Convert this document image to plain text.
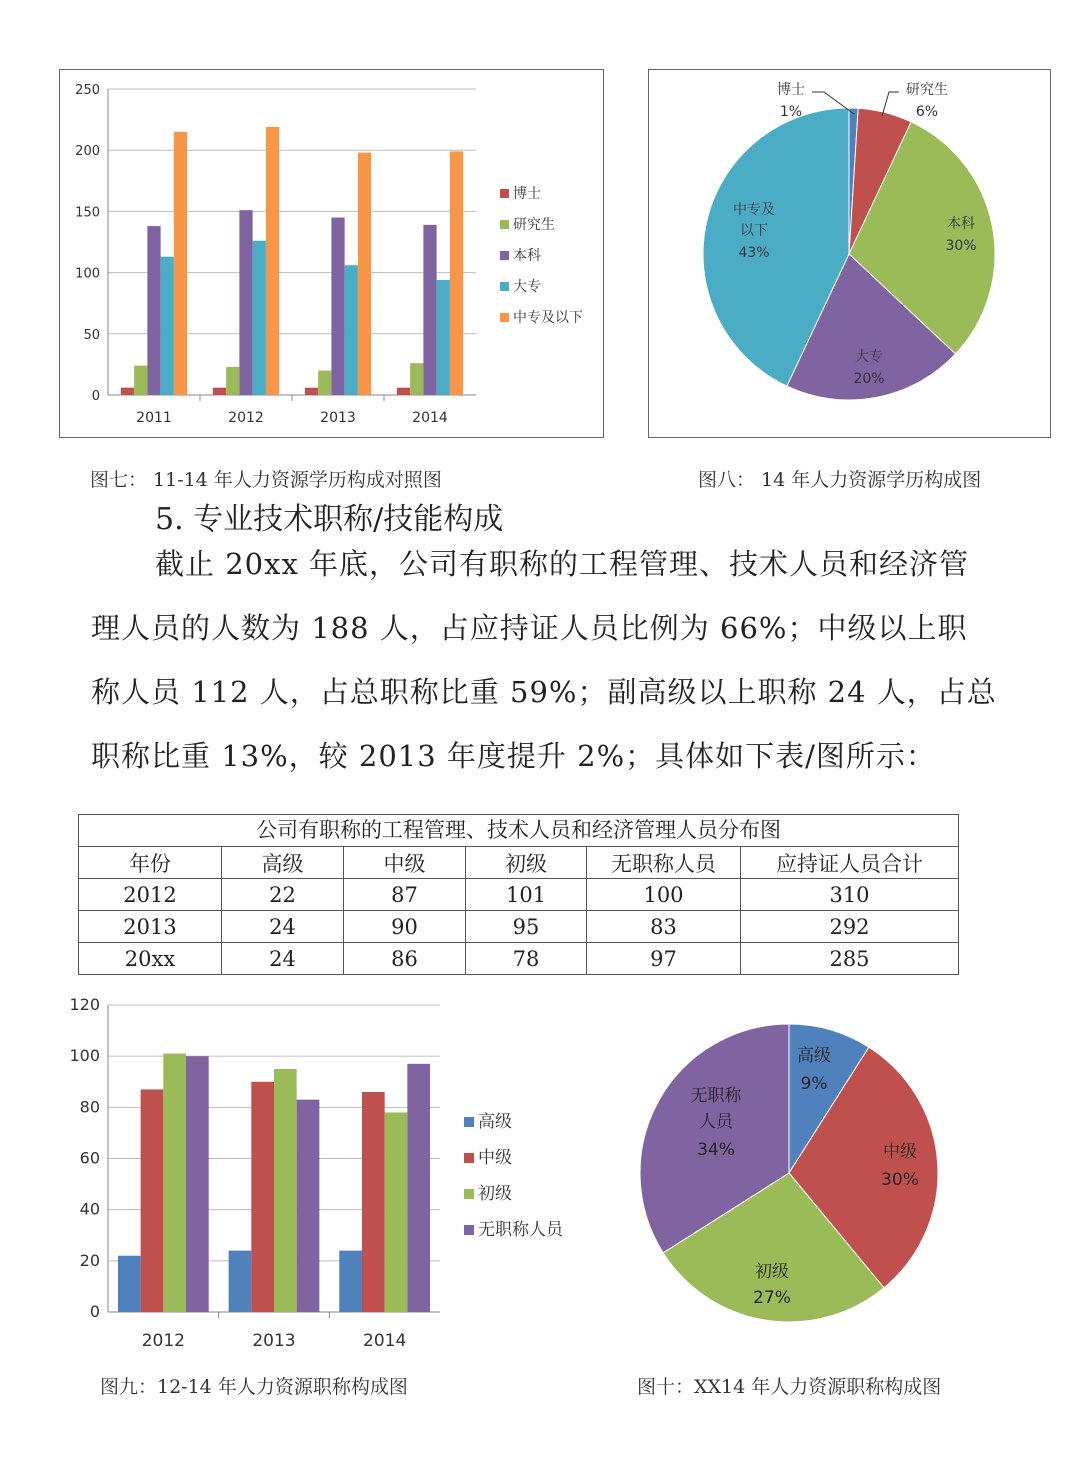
0
50
100
150
200
250
2011	2012	2013	2014
博士
研究生
本科
大专
中专及以下
博士
1%
研究生
6%
本科
30%
大专
20%
中专及
以下
43%
图七： 11-14 年人力资源学历构成对照图	图八： 14 年人力资源学历构成图
5. 专业技术职称/技能构成
截止 20xx 年底，公司有职称的工程管理、技术人员和经济管
理人员的人数为 188 人，占应持证人员比例为 66%；中级以上职
称人员 112 人，占总职称比重 59%；副高级以上职称 24 人，占总
职称比重 13%，较 2013 年度提升 2%；具体如下表/图所示：
公司有职称的工程管理、技术人员和经济管理人员分布图
年份	高级	中级	初级	无职称人员	应持证人员合计
2012	22	87	101	100	310
2013	24	90	95	83	292
20xx	24	86	78	97	285
0
20
40
60
80
100
120
2012	2013	2014
高级
中级
初级
无职称人员
高级
9%
中级
30%
初级
27%
无职称
人员
34%
图九：12-14 年人力资源职称构成图	图十：XX14 年人力资源职称构成图
